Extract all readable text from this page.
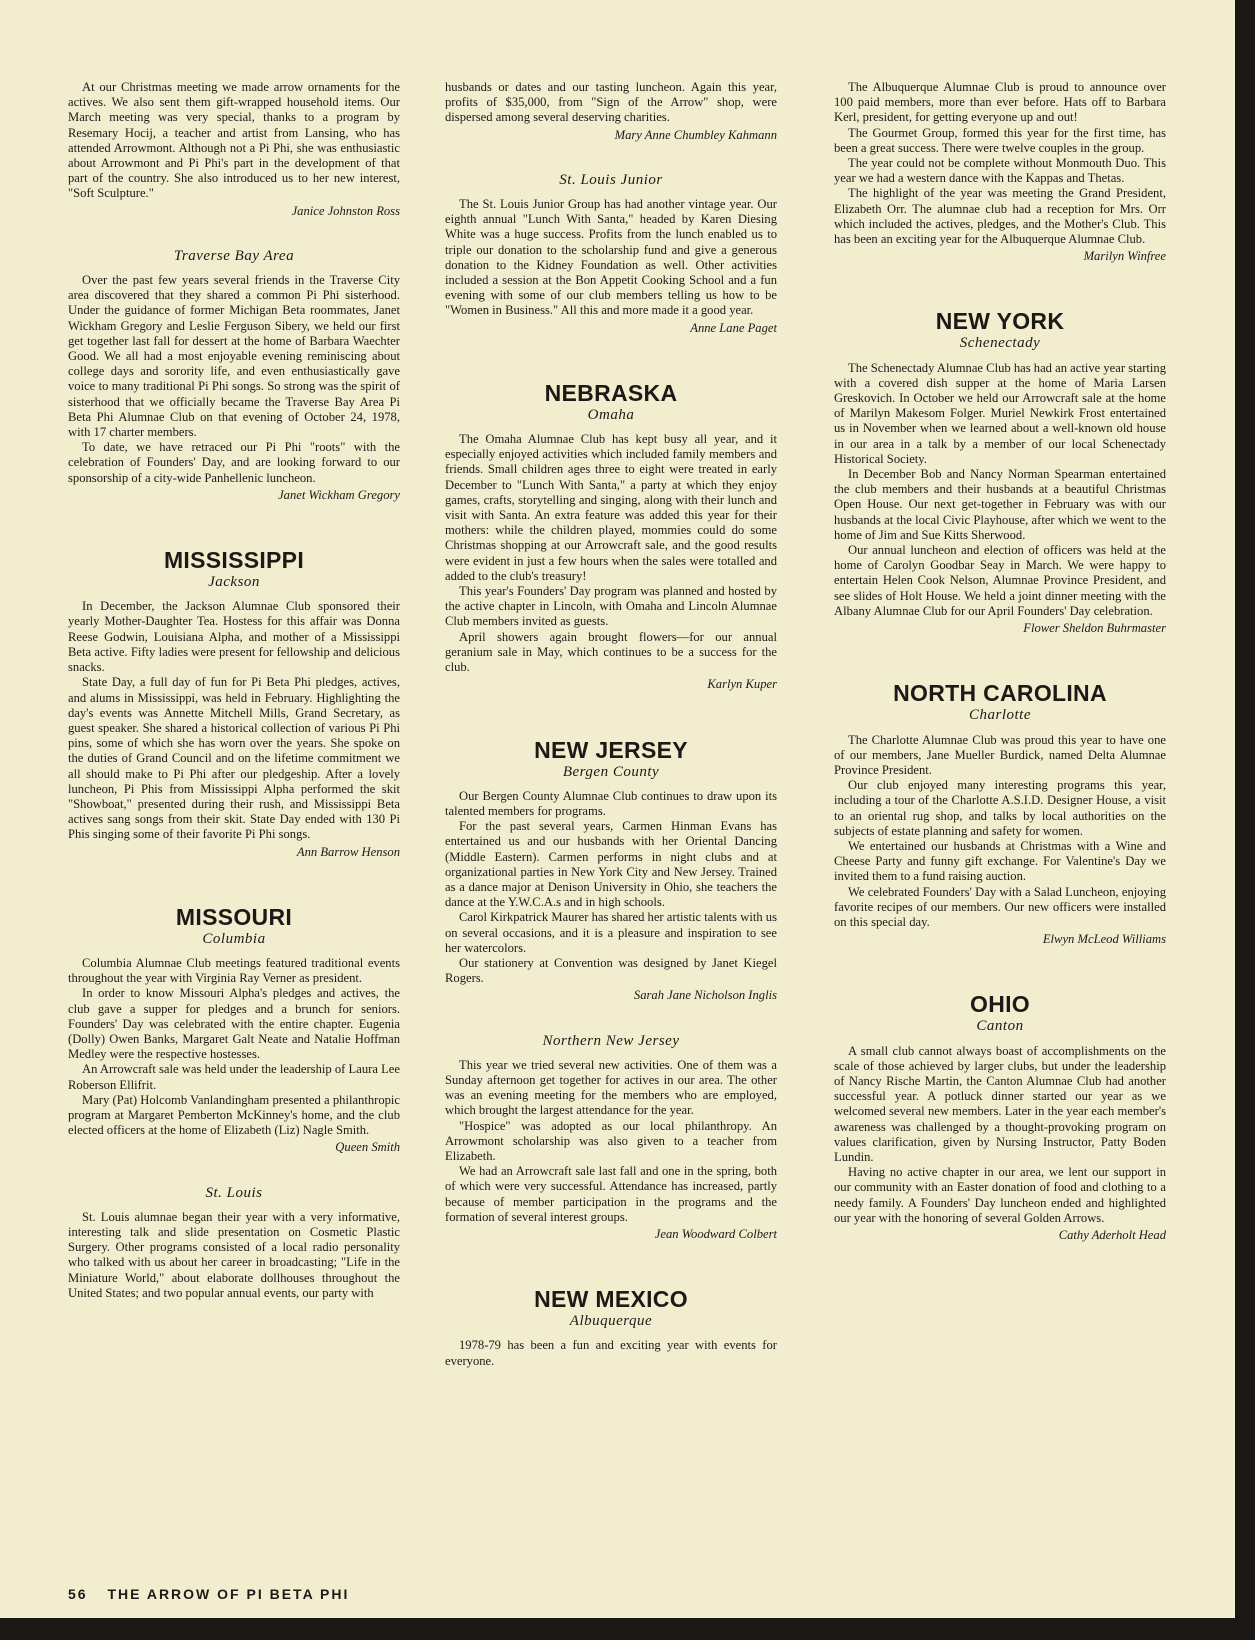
At our Christmas meeting we made arrow ornaments for the actives. We also sent them gift-wrapped household items. Our March meeting was very special, thanks to a program by Resemary Hocij, a teacher and artist from Lansing, who has attended Arrowmont. Although not a Pi Phi, she was enthusiastic about Arrowmont and Pi Phi's part in the development of that part of the country. She also introduced us to her new interest, "Soft Sculpture."

Janice Johnston Ross
Traverse Bay Area

Over the past few years several friends in the Traverse City area discovered that they shared a common Pi Phi sisterhood. Under the guidance of former Michigan Beta roommates, Janet Wickham Gregory and Leslie Ferguson Sibery, we held our first get together last fall for dessert at the home of Barbara Waechter Good. We all had a most enjoyable evening reminiscing about college days and sorority life, and even enthusiastically gave voice to many traditional Pi Phi songs. So strong was the spirit of sisterhood that we officially became the Traverse Bay Area Pi Beta Phi Alumnae Club on that evening of October 24, 1978, with 17 charter members.

To date, we have retraced our Pi Phi "roots" with the celebration of Founders' Day, and are looking forward to our sponsorship of a city-wide Panhellenic luncheon.

Janet Wickham Gregory
MISSISSIPPI
Jackson

In December, the Jackson Alumnae Club sponsored their yearly Mother-Daughter Tea. Hostess for this affair was Donna Reese Godwin, Louisiana Alpha, and mother of a Mississippi Beta active. Fifty ladies were present for fellowship and delicious snacks.

State Day, a full day of fun for Pi Beta Phi pledges, actives, and alums in Mississippi, was held in February. Highlighting the day's events was Annette Mitchell Mills, Grand Secretary, as guest speaker. She shared a historical collection of various Pi Phi pins, some of which she has worn over the years. She spoke on the duties of Grand Council and on the lifetime commitment we all should make to Pi Phi after our pledgeship. After a lovely luncheon, Pi Phis from Mississippi Alpha performed the skit "Showboat," presented during their rush, and Mississippi Beta actives sang songs from their skit. State Day ended with 130 Pi Phis singing some of their favorite Pi Phi songs.

Ann Barrow Henson
MISSOURI
Columbia

Columbia Alumnae Club meetings featured traditional events throughout the year with Virginia Ray Verner as president.

In order to know Missouri Alpha's pledges and actives, the club gave a supper for pledges and a brunch for seniors. Founders' Day was celebrated with the entire chapter. Eugenia (Dolly) Owen Banks, Margaret Galt Neate and Natalie Hoffman Medley were the respective hostesses.

An Arrowcraft sale was held under the leadership of Laura Lee Roberson Ellifrit.

Mary (Pat) Holcomb Vanlandingham presented a philanthropic program at Margaret Pemberton McKinney's home, and the club elected officers at the home of Elizabeth (Liz) Nagle Smith.

Queen Smith
St. Louis

St. Louis alumnae began their year with a very informative, interesting talk and slide presentation on Cosmetic Plastic Surgery. Other programs consisted of a local radio personality who talked with us about her career in broadcasting; "Life in the Miniature World," about elaborate dollhouses throughout the United States; and two popular annual events, our party with

husbands or dates and our tasting luncheon. Again this year, profits of $35,000, from "Sign of the Arrow" shop, were dispersed among several deserving charities.

Mary Anne Chumbley Kahmann
St. Louis Junior

The St. Louis Junior Group has had another vintage year. Our eighth annual "Lunch With Santa," headed by Karen Diesing White was a huge success. Profits from the lunch enabled us to triple our donation to the scholarship fund and give a generous donation to the Kidney Foundation as well. Other activities included a session at the Bon Appetit Cooking School and a fun evening with some of our club members telling us how to be "Women in Business." All this and more made it a good year.

Anne Lane Paget
NEBRASKA
Omaha

The Omaha Alumnae Club has kept busy all year, and it especially enjoyed activities which included family members and friends. Small children ages three to eight were treated in early December to "Lunch With Santa," a party at which they enjoy games, crafts, storytelling and singing, along with their lunch and visit with Santa. An extra feature was added this year for their mothers: while the children played, mommies could do some Christmas shopping at our Arrowcraft sale, and the good results were evident in just a few hours when the sales were totalled and added to the club's treasury!

This year's Founders' Day program was planned and hosted by the active chapter in Lincoln, with Omaha and Lincoln Alumnae Club members invited as guests.

April showers again brought flowers—for our annual geranium sale in May, which continues to be a success for the club.

Karlyn Kuper
NEW JERSEY
Bergen County

Our Bergen County Alumnae Club continues to draw upon its talented members for programs.

For the past several years, Carmen Hinman Evans has entertained us and our husbands with her Oriental Dancing (Middle Eastern). Carmen performs in night clubs and at organizational parties in New York City and New Jersey. Trained as a dance major at Denison University in Ohio, she teachers the dance at the Y.W.C.A.s and in high schools.

Carol Kirkpatrick Maurer has shared her artistic talents with us on several occasions, and it is a pleasure and inspiration to see her watercolors.

Our stationery at Convention was designed by Janet Kiegel Rogers.

Sarah Jane Nicholson Inglis
Northern New Jersey

This year we tried several new activities. One of them was a Sunday afternoon get together for actives in our area. The other was an evening meeting for the members who are employed, which brought the largest attendance for the year.

"Hospice" was adopted as our local philanthropy. An Arrowmont scholarship was also given to a teacher from Elizabeth.

We had an Arrowcraft sale last fall and one in the spring, both of which were very successful. Attendance has increased, partly because of member participation in the programs and the formation of several interest groups.

Jean Woodward Colbert
NEW MEXICO
Albuquerque

1978-79 has been a fun and exciting year with events for everyone.

The Albuquerque Alumnae Club is proud to announce over 100 paid members, more than ever before. Hats off to Barbara Kerl, president, for getting everyone up and out!

The Gourmet Group, formed this year for the first time, has been a great success. There were twelve couples in the group.

The year could not be complete without Monmouth Duo. This year we had a western dance with the Kappas and Thetas.

The highlight of the year was meeting the Grand President, Elizabeth Orr. The alumnae club had a reception for Mrs. Orr which included the actives, pledges, and the Mother's Club. This has been an exciting year for the Albuquerque Alumnae Club.

Marilyn Winfree
NEW YORK
Schenectady

The Schenectady Alumnae Club has had an active year starting with a covered dish supper at the home of Maria Larsen Greskovich. In October we held our Arrowcraft sale at the home of Marilyn Makesom Folger. Muriel Newkirk Frost entertained us in November when we learned about a well-known old house in our area in a talk by a member of our local Schenectady Historical Society.

In December Bob and Nancy Norman Spearman entertained the club members and their husbands at a beautiful Christmas Open House. Our next get-together in February was with our husbands at the local Civic Playhouse, after which we went to the home of Jim and Sue Kitts Sherwood.

Our annual luncheon and election of officers was held at the home of Carolyn Goodbar Seay in March. We were happy to entertain Helen Cook Nelson, Alumnae Province President, and see slides of Holt House. We held a joint dinner meeting with the Albany Alumnae Club for our April Founders' Day celebration.

Flower Sheldon Buhrmaster
NORTH CAROLINA
Charlotte

The Charlotte Alumnae Club was proud this year to have one of our members, Jane Mueller Burdick, named Delta Alumnae Province President.

Our club enjoyed many interesting programs this year, including a tour of the Charlotte A.S.I.D. Designer House, a visit to an oriental rug shop, and talks by local authorities on the subjects of estate planning and safety for women.

We entertained our husbands at Christmas with a Wine and Cheese Party and funny gift exchange. For Valentine's Day we invited them to a fund raising auction.

We celebrated Founders' Day with a Salad Luncheon, enjoying favorite recipes of our members. Our new officers were installed on this special day.

Elwyn McLeod Williams
OHIO
Canton

A small club cannot always boast of accomplishments on the scale of those achieved by larger clubs, but under the leadership of Nancy Rische Martin, the Canton Alumnae Club had another successful year. A potluck dinner started our year as we welcomed several new members. Later in the year each member's awareness was challenged by a thought-provoking program on values clarification, given by Nursing Instructor, Patty Boden Lundin.

Having no active chapter in our area, we lent our support in our community with an Easter donation of food and clothing to a needy family. A Founders' Day luncheon ended and highlighted our year with the honoring of several Golden Arrows.

Cathy Aderholt Head
56 THE ARROW OF PI BETA PHI
